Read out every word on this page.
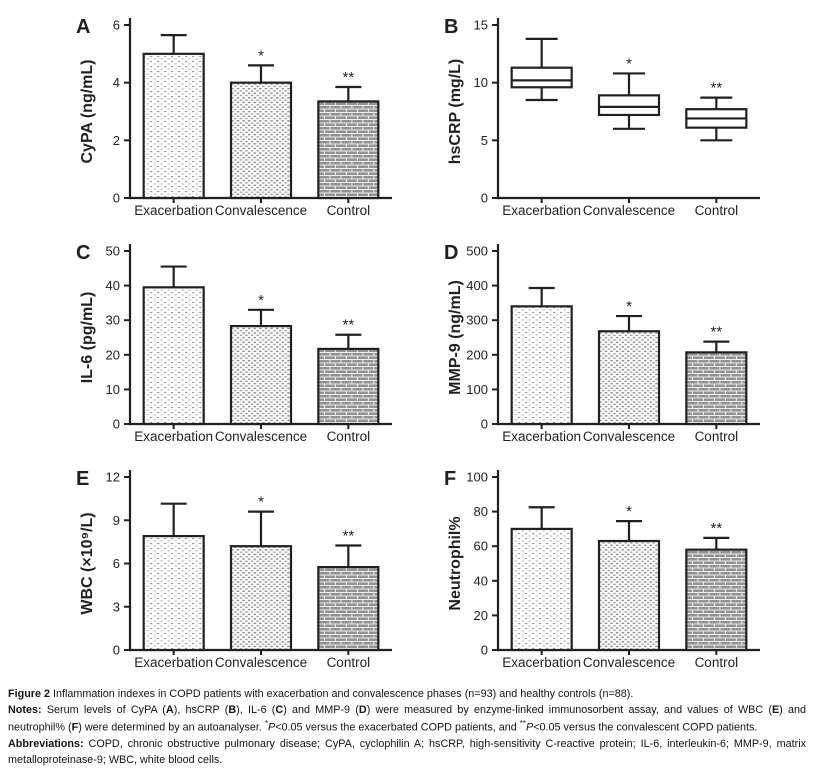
A
CyPA (ng/mL)
0
2
4
6
Exacerbation Convalescence
*
Control
**
B
hsCRP (mg/L)
0
5
10
15
Exacerbation Convalescence
*
Control
**
C
IL-6 (pg/mL)
0
10
20
30
40
50
Exacerbation Convalescence
*
Control
**
D
MMP-9 (ng/mL)
0
100
200
300
400
500
Exacerbation Convalescence
*
Control
**
E
WBC (×10⁹/L)
0
3
6
9
12
Exacerbation Convalescence
*
Control
**
F
Neutrophil%
0
20
40
60
80
100
Exacerbation Convalescence
*
Control
**

Figure 2 Inflammation indexes in COPD patients with exacerbation and convalescence phases (n=93) and healthy controls (n=88).

Notes: Serum levels of CyPA (A), hsCRP (B), IL-6 (C) and MMP-9 (D) were measured by enzyme-linked immunosorbent assay, and values of WBC (E) and neutrophil% (F) were determined by an autoanalyser. *P<0.05 versus the exacerbated COPD patients, and **P<0.05 versus the convalescent COPD patients.

Abbreviations: COPD, chronic obstructive pulmonary disease; CyPA, cyclophilin A; hsCRP, high-sensitivity C-reactive protein; IL-6, interleukin-6; MMP-9, matrix metalloproteinase-9; WBC, white blood cells.
